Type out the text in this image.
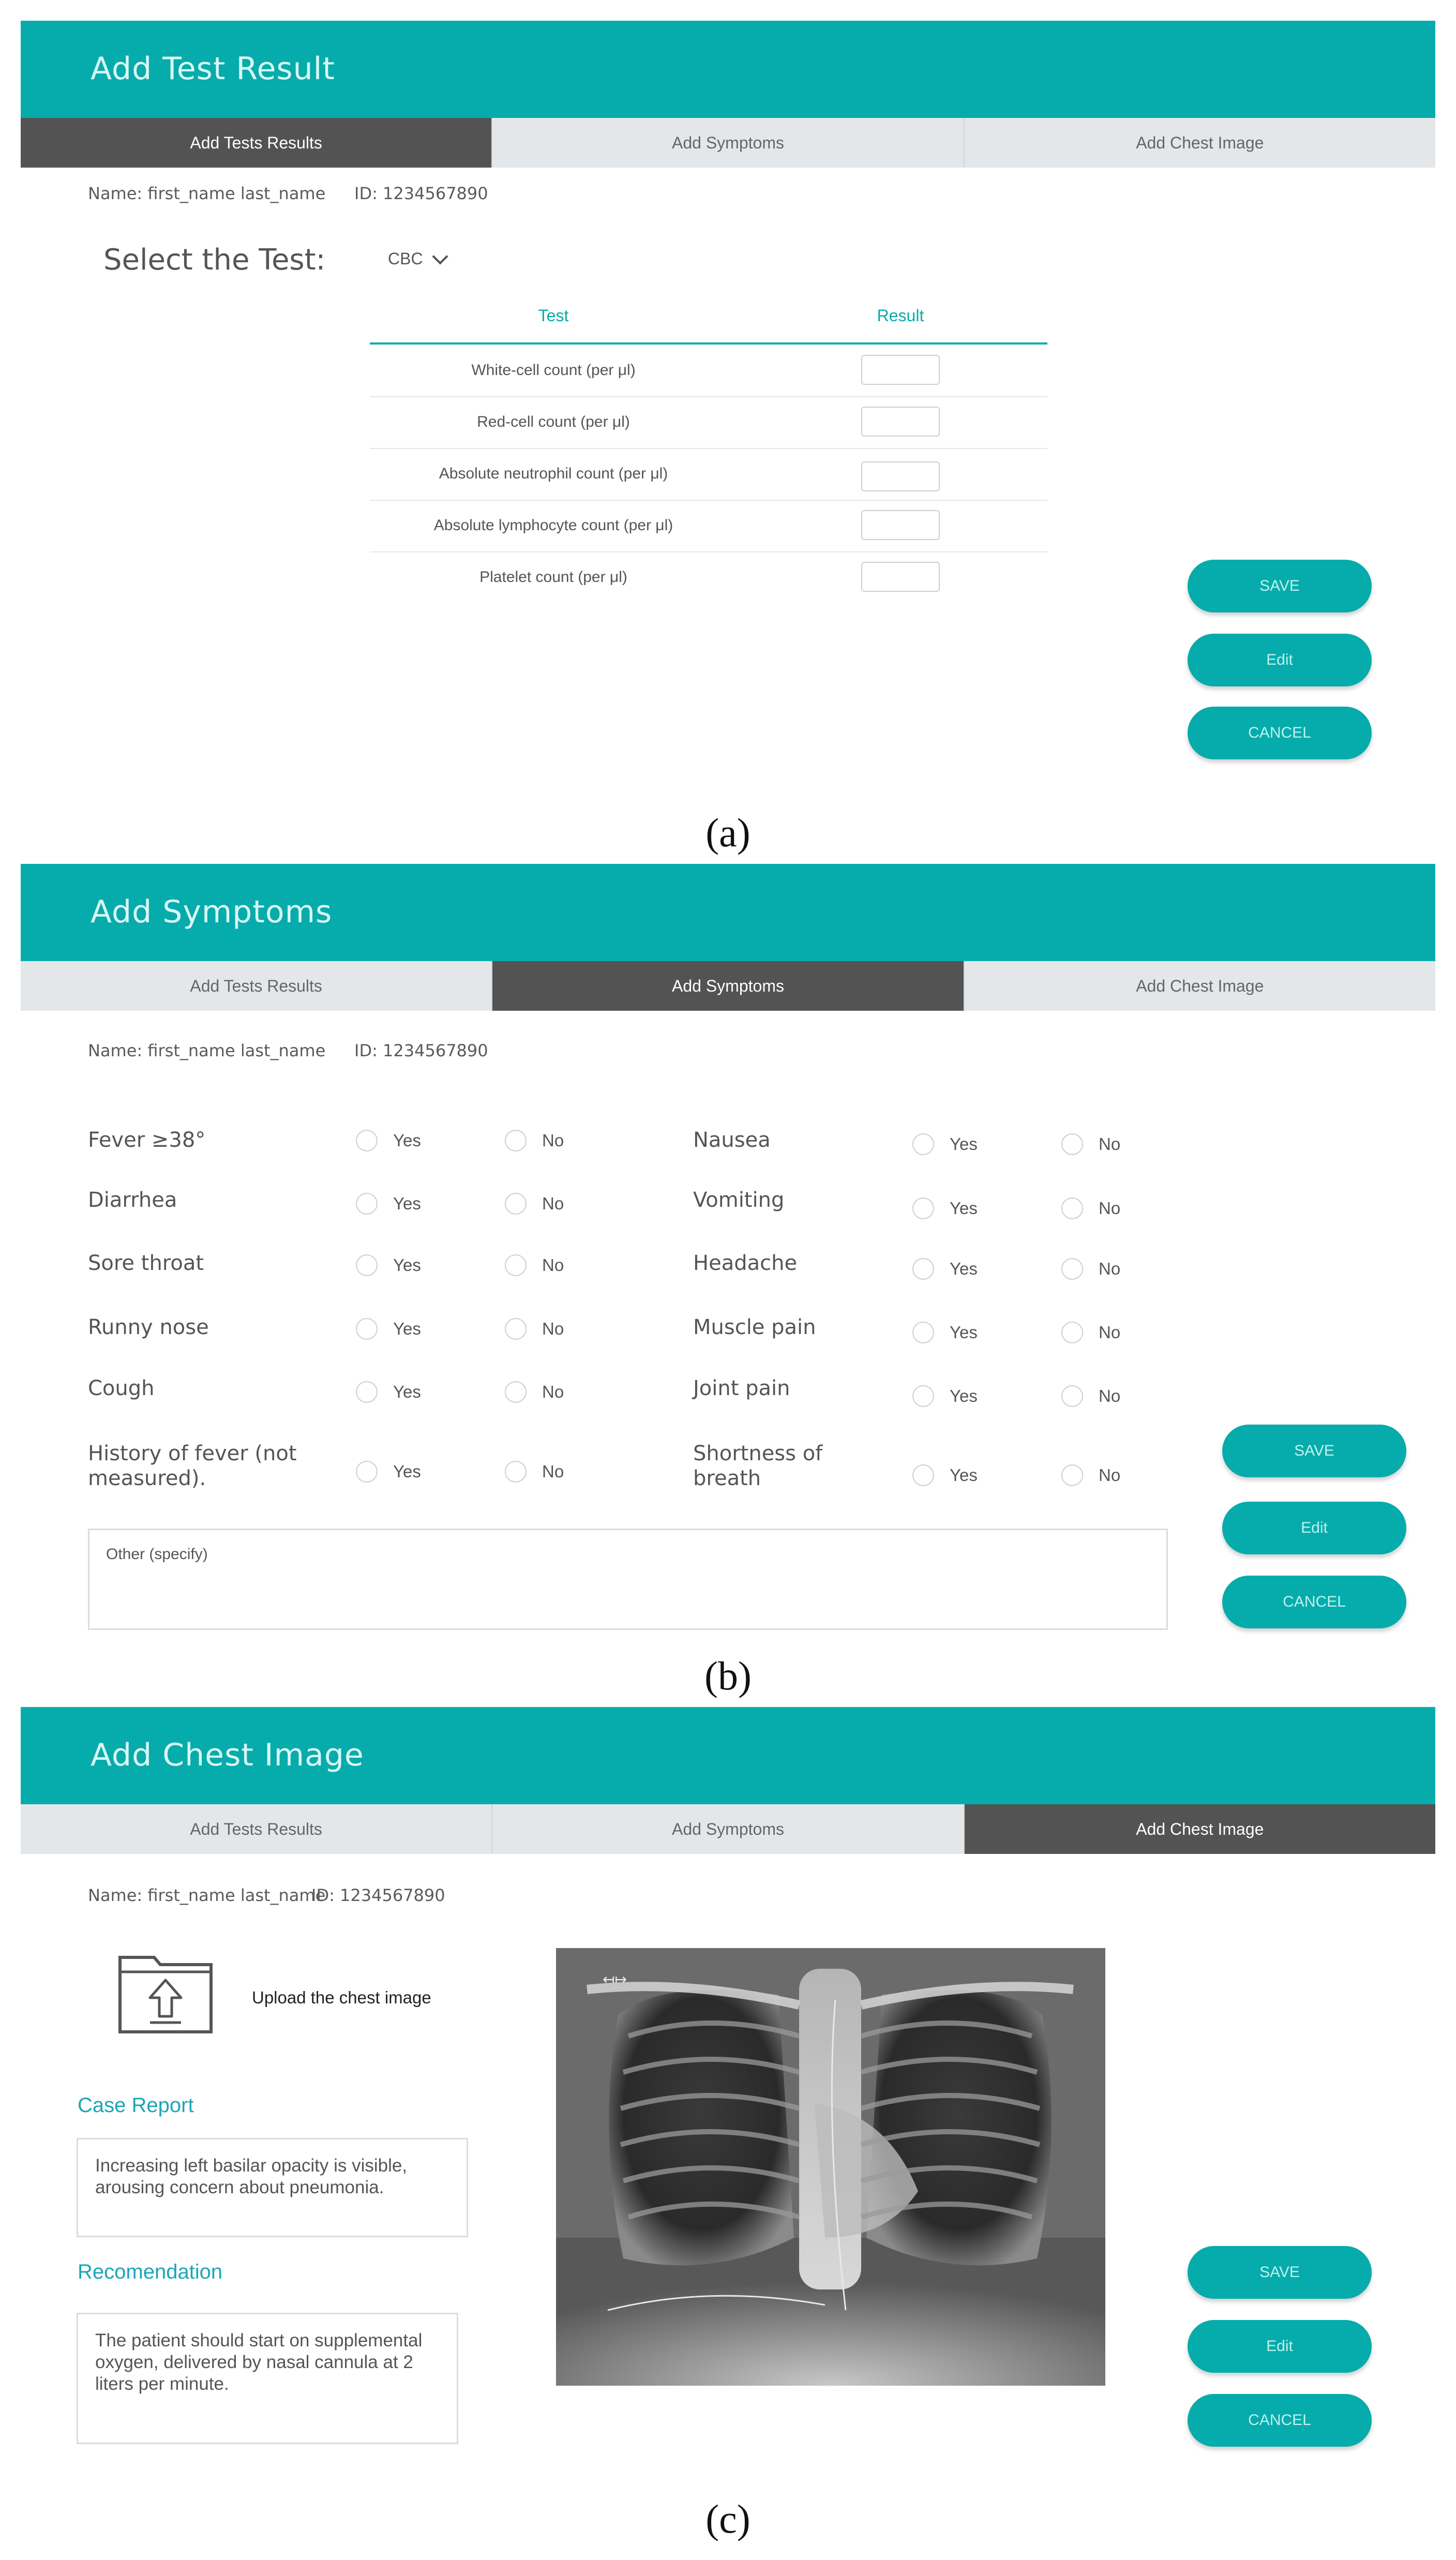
Add Test Result
Add Tests Results	Add Symptoms	Add Chest Image
Name: first_name last_name ID: 1234567890
Select the Test:	CBC
Test	Result
White-cell count (per μl)
Red-cell count (per μl)
Absolute neutrophil count (per μl)
Absolute lymphocyte count (per μl)
Platelet count (per μl)
SAVE
Edit
CANCEL
(a)
Add Symptoms
Add Tests Results	Add Symptoms	Add Chest Image
Name: first_name last_name ID: 1234567890
Fever ≥38°	Yes	No
Diarrhea	Yes	No
Sore throat	Yes	No
Runny nose	Yes	No
Cough	Yes	No
History of fever (not measured).	Yes	No
Nausea	Yes	No
Vomiting	Yes	No
Headache	Yes	No
Muscle pain	Yes	No
Joint pain	Yes	No
Shortness of breath	Yes	No
Other (specify)
SAVE
Edit
CANCEL
(b)
Add Chest Image
Add Tests Results	Add Symptoms	Add Chest Image
Name: first_name last_name
ID: 1234567890
Upload the chest image
Case Report
Increasing left basilar opacity is visible, arousing concern about pneumonia.
Recomendation
The patient should start on supplemental oxygen, delivered by nasal cannula at 2 liters per minute.
↤↦
SAVE
Edit
CANCEL
(c)
